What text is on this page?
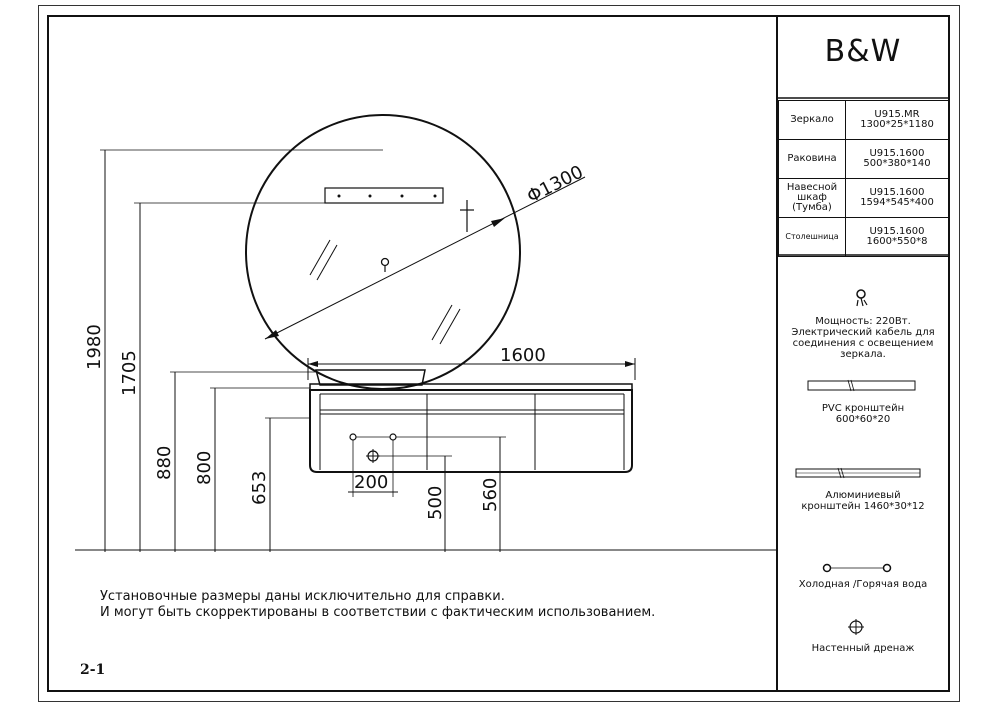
B&W
Φ1300
1600
1980
1705
880 800
653	200
500 560
Зеркало	U915.MR
1300*25*1180
Раковина	U915.1600
500*380*140
Навесной шкаф (Тумба)	U915.1600
1594*545*400
Столешница	U915.1600
1600*550*8
Мощность: 220Вт. Электрический кабель для соединения с освещением зеркала.
PVC кронштейн 600*60*20
Алюминиевый кронштейн 1460*30*12
Холодная /Горячая вода
Настенный дренаж
Установочные размеры даны исключительно для справки.
И могут быть скорректированы в соответствии с фактическим использованием.
2-1
